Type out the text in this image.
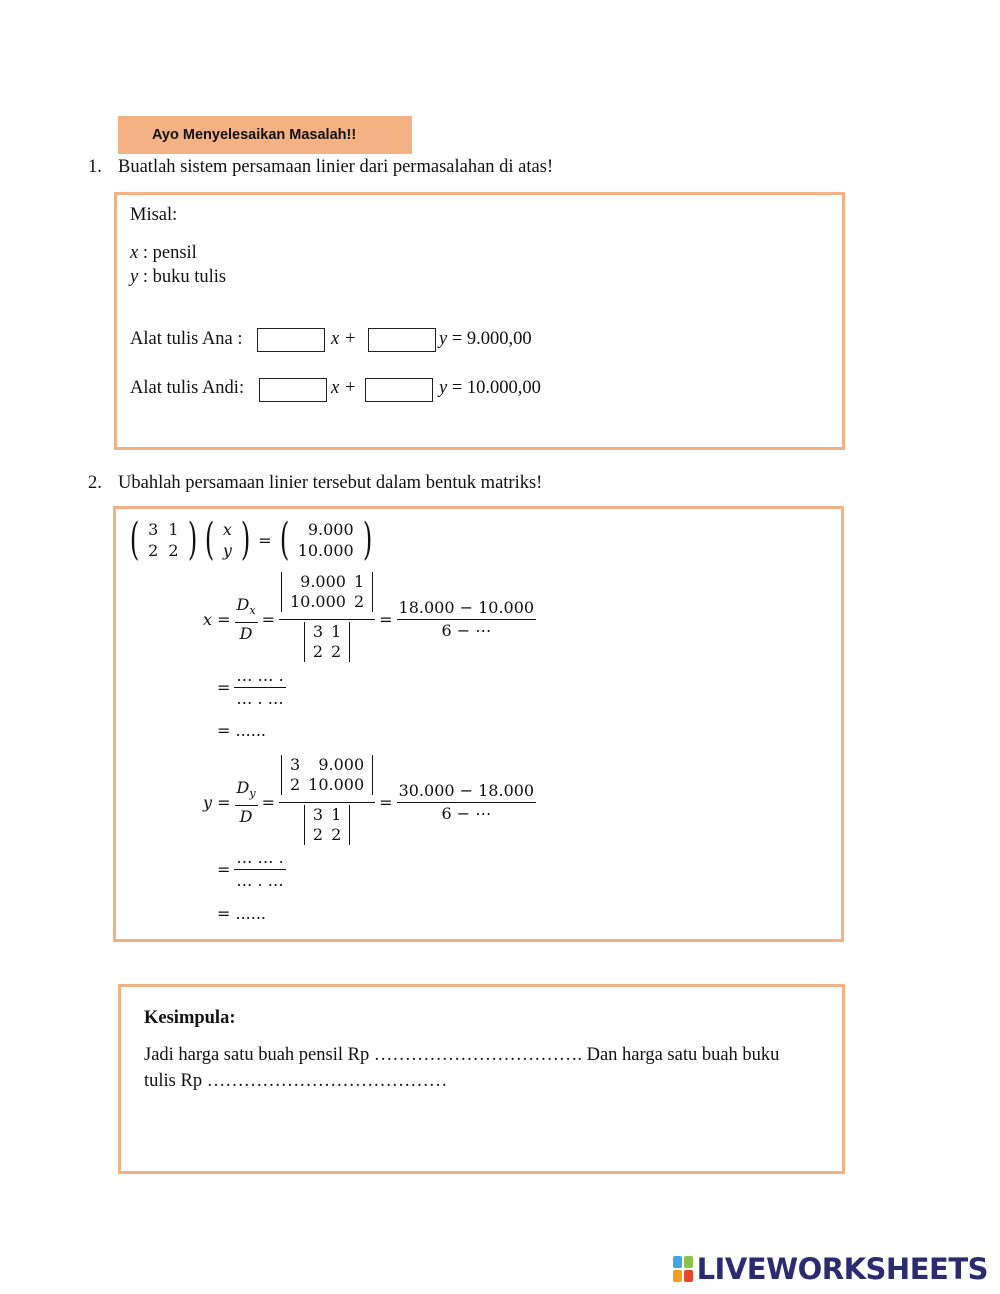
Ayo Menyelesaikan Masalah!!
1. Buatlah sistem persamaan linier dari permasalahan di atas!
Misal:
x : pensil
y : buku tulis
Alat tulis Ana :	x +	y = 9.000,00
Alat tulis Andi:	x +	y = 10.000,00
2. Ubahlah persamaan linier tersebut dalam bentuk matriks!
( 3	1
2	2 ) ( x
y ) = ( 9.000
10.000 )
$x = \frac{D_x}{D} = 9.000$	1
10.000	2
3	1
2	$2 = \frac{18.000 - 10.000}{6 - \cdots}$
= $\frac{\dots \dots .}{\dots . \dots}$
= ......
$y = \frac{D_y}{D} = 3$	9.000
2	10.000
3	1
2	$2 = \frac{30.000 - 18.000}{6 - \cdots}$
= $\frac{\dots \dots .}{\dots . \dots}$
= ......
Kesimpula:
Jadi harga satu buah pensil Rp ……………………………. Dan harga satu buah buku
tulis Rp …………………………………
LIVEWORKSHEETS
